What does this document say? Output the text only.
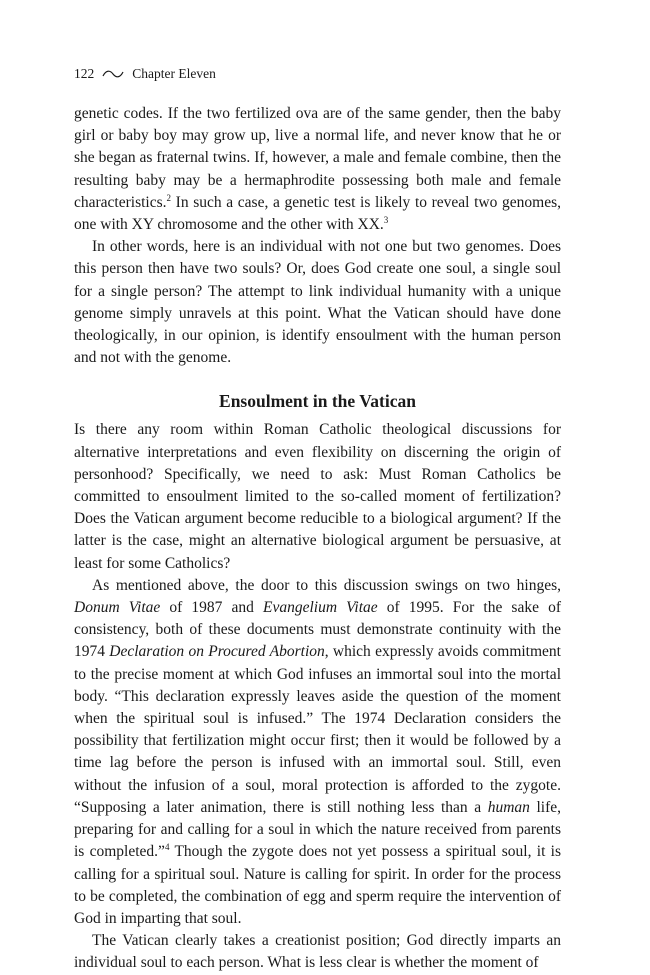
122	Chapter Eleven

genetic codes. If the two fertilized ova are of the same gender, then the baby girl or baby boy may grow up, live a normal life, and never know that he or she began as fraternal twins. If, however, a male and female combine, then the resulting baby may be a hermaphrodite possessing both male and female characteristics.$^2$ In such a case, a genetic test is likely to reveal two genomes, one with XY chromosome and the other with XX.$^3$

In other words, here is an individual with not one but two genomes. Does this person then have two souls? Or, does God create one soul, a single soul for a single person? The attempt to link individual humanity with a unique genome simply unravels at this point. What the Vatican should have done theologically, in our opinion, is identify ensoulment with the human person and not with the genome.

Ensoulment in the Vatican

Is there any room within Roman Catholic theological discussions for alternative interpretations and even flexibility on discerning the origin of personhood? Specifically, we need to ask: Must Roman Catholics be committed to ensoulment limited to the so-called moment of fertilization? Does the Vatican argument become reducible to a biological argument? If the latter is the case, might an alternative biological argument be persuasive, at least for some Catholics?

As mentioned above, the door to this discussion swings on two hinges, Donum Vitae of 1987 and Evangelium Vitae of 1995. For the sake of consistency, both of these documents must demonstrate continuity with the 1974 Declaration on Procured Abortion, which expressly avoids commitment to the precise moment at which God infuses an immortal soul into the mortal body. “This declaration expressly leaves aside the question of the moment when the spiritual soul is infused.” The 1974 Declaration considers the possibility that fertilization might occur first; then it would be followed by a time lag before the person is infused with an immortal soul. Still, even without the infusion of a soul, moral protection is afforded to the zygote. “Supposing a later animation, there is still nothing less than a human life, preparing for and calling for a soul in which the nature received from parents is completed.”$^4$ Though the zygote does not yet possess a spiritual soul, it is calling for a spiritual soul. Nature is calling for spirit. In order for the process to be completed, the combination of egg and sperm require the intervention of God in imparting that soul.

The Vatican clearly takes a creationist position; God directly imparts an individual soul to each person. What is less clear is whether the moment of
